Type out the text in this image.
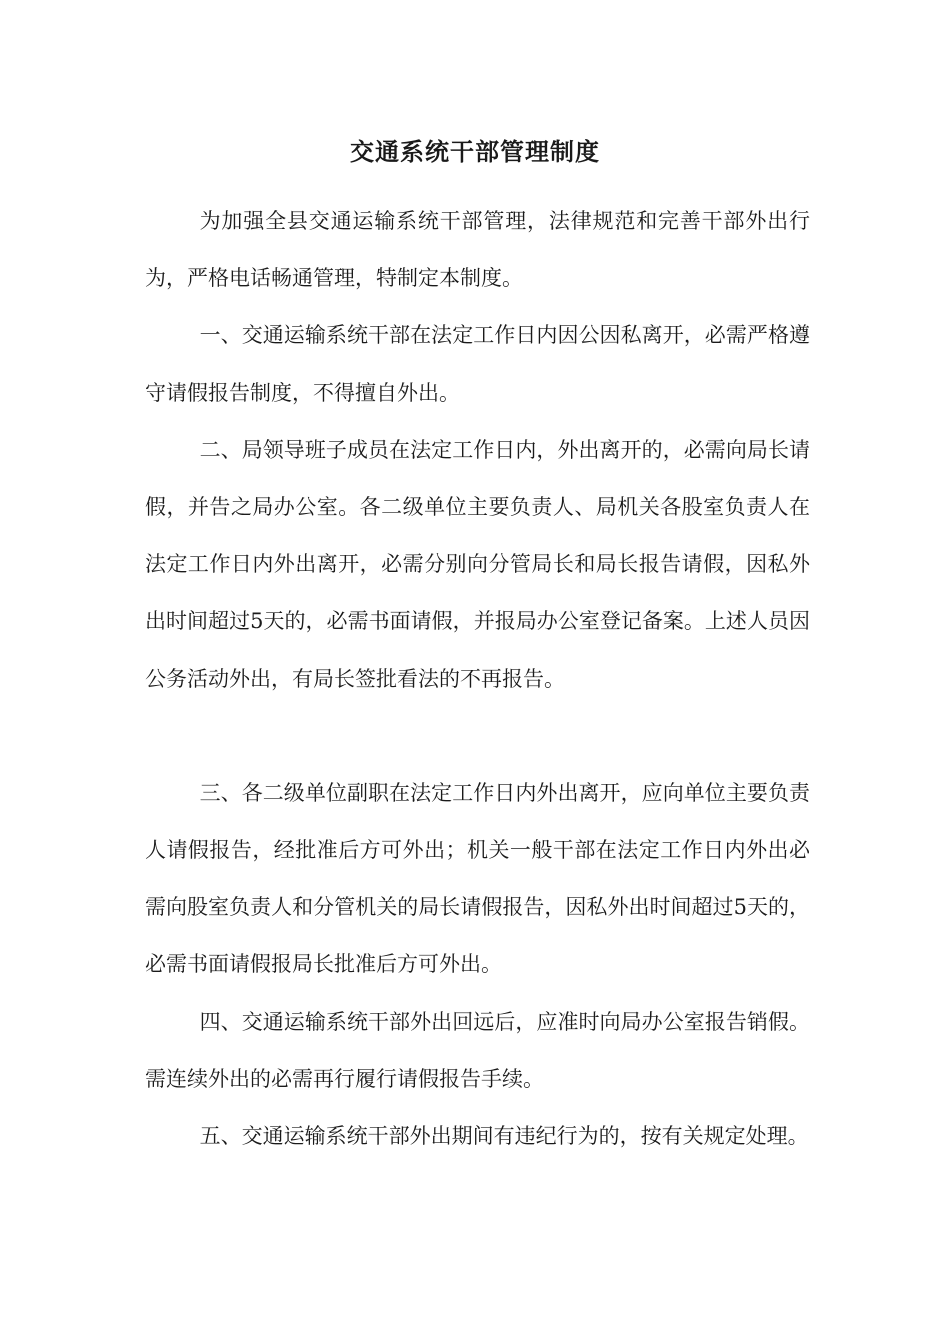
交通系统干部管理制度

为加强全县交通运输系统干部管理，法律规范和完善干部外出行为，严格电话畅通管理，特制定本制度。

一、交通运输系统干部在法定工作日内因公因私离开，必需严格遵守请假报告制度，不得擅自外出。

二、局领导班子成员在法定工作日内，外出离开的，必需向局长请假，并告之局办公室。各二级单位主要负责人、局机关各股室负责人在法定工作日内外出离开，必需分别向分管局长和局长报告请假，因私外出时间超过5天的，必需书面请假，并报局办公室登记备案。上述人员因公务活动外出，有局长签批看法的不再报告。

三、各二级单位副职在法定工作日内外出离开，应向单位主要负责人请假报告，经批准后方可外出；机关一般干部在法定工作日内外出必需向股室负责人和分管机关的局长请假报告，因私外出时间超过5天的，必需书面请假报局长批准后方可外出。

四、交通运输系统干部外出回远后，应准时向局办公室报告销假。需连续外出的必需再行履行请假报告手续。

五、交通运输系统干部外出期间有违纪行为的，按有关规定处理。
